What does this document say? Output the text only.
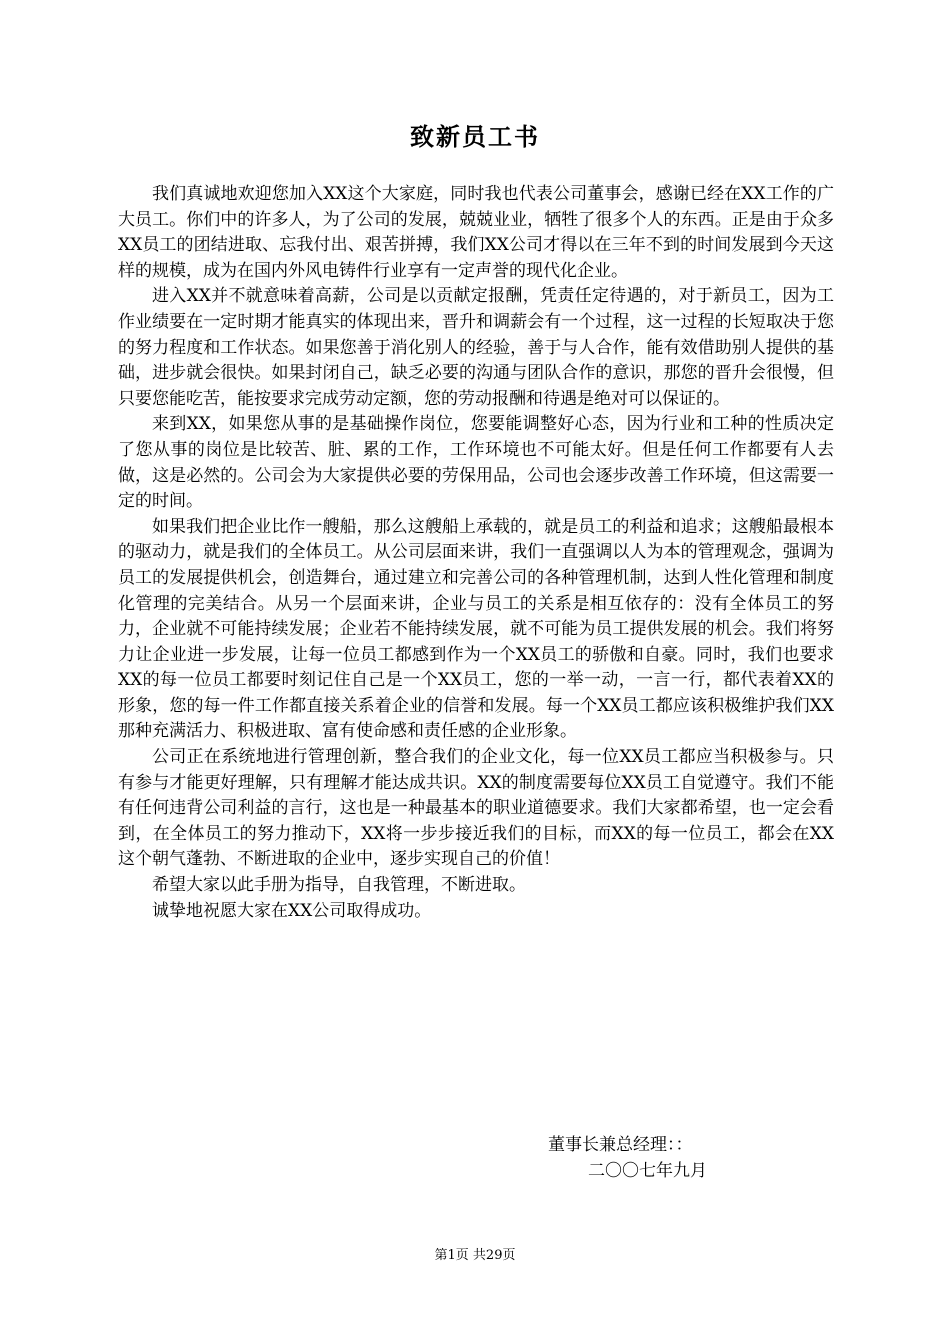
致新员工书

我们真诚地欢迎您加入XX这个大家庭，同时我也代表公司董事会，感谢已经在XX工作的广大员工。你们中的许多人，为了公司的发展，兢兢业业，牺牲了很多个人的东西。正是由于众多XX员工的团结进取、忘我付出、艰苦拼搏，我们XX公司才得以在三年不到的时间发展到今天这样的规模，成为在国内外风电铸件行业享有一定声誉的现代化企业。

进入XX并不就意味着高薪，公司是以贡献定报酬，凭责任定待遇的，对于新员工，因为工作业绩要在一定时期才能真实的体现出来，晋升和调薪会有一个过程，这一过程的长短取决于您的努力程度和工作状态。如果您善于消化别人的经验，善于与人合作，能有效借助别人提供的基础，进步就会很快。如果封闭自己，缺乏必要的沟通与团队合作的意识，那您的晋升会很慢，但只要您能吃苦，能按要求完成劳动定额，您的劳动报酬和待遇是绝对可以保证的。

来到XX，如果您从事的是基础操作岗位，您要能调整好心态，因为行业和工种的性质决定了您从事的岗位是比较苦、脏、累的工作，工作环境也不可能太好。但是任何工作都要有人去做，这是必然的。公司会为大家提供必要的劳保用品，公司也会逐步改善工作环境，但这需要一定的时间。

如果我们把企业比作一艘船，那么这艘船上承载的，就是员工的利益和追求；这艘船最根本的驱动力，就是我们的全体员工。从公司层面来讲，我们一直强调以人为本的管理观念，强调为员工的发展提供机会，创造舞台，通过建立和完善公司的各种管理机制，达到人性化管理和制度化管理的完美结合。从另一个层面来讲，企业与员工的关系是相互依存的：没有全体员工的努力，企业就不可能持续发展；企业若不能持续发展，就不可能为员工提供发展的机会。我们将努力让企业进一步发展，让每一位员工都感到作为一个XX员工的骄傲和自豪。同时，我们也要求XX的每一位员工都要时刻记住自己是一个XX员工，您的一举一动，一言一行，都代表着XX的形象，您的每一件工作都直接关系着企业的信誉和发展。每一个XX员工都应该积极维护我们XX那种充满活力、积极进取、富有使命感和责任感的企业形象。

公司正在系统地进行管理创新，整合我们的企业文化，每一位XX员工都应当积极参与。只有参与才能更好理解，只有理解才能达成共识。XX的制度需要每位XX员工自觉遵守。我们不能有任何违背公司利益的言行，这也是一种最基本的职业道德要求。我们大家都希望，也一定会看到，在全体员工的努力推动下，XX将一步步接近我们的目标，而XX的每一位员工，都会在XX这个朝气蓬勃、不断进取的企业中，逐步实现自己的价值！

希望大家以此手册为指导，自我管理，不断进取。

诚挚地祝愿大家在XX公司取得成功。

董事长兼总经理：：
二〇〇七年九月
第1页 共29页
